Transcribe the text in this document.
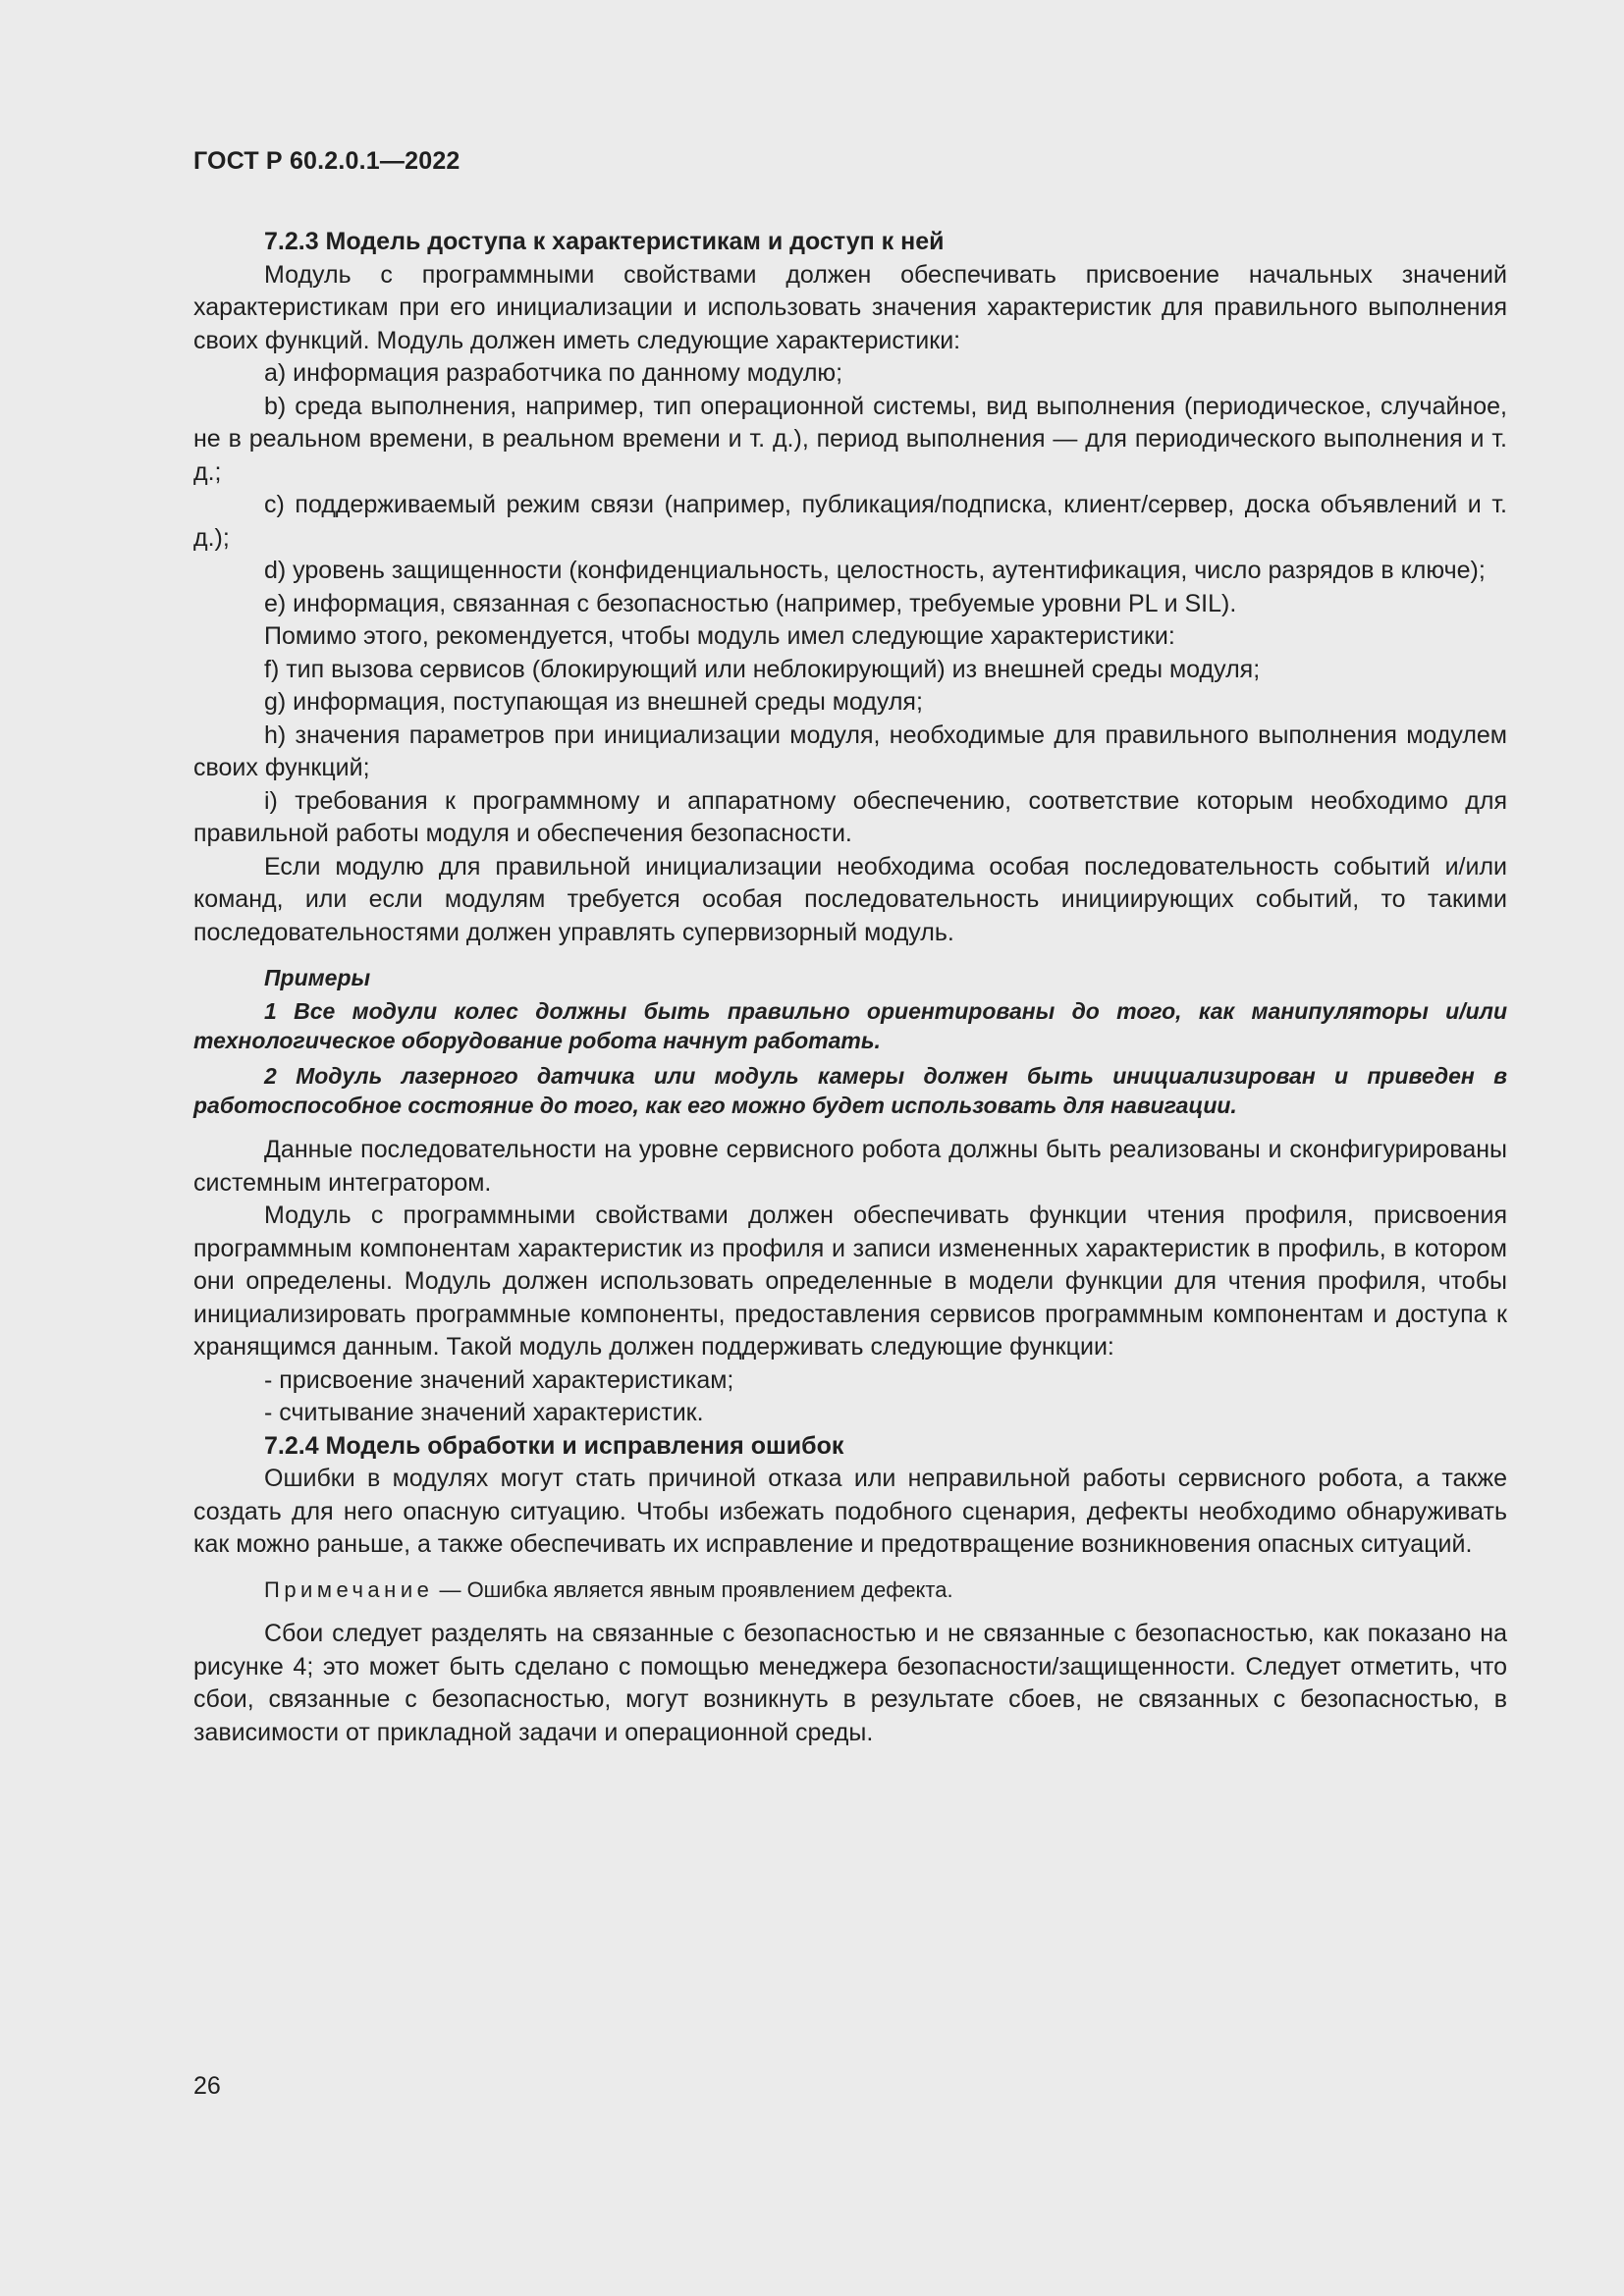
ГОСТ Р 60.2.0.1—2022
7.2.3 Модель доступа к характеристикам и доступ к ней

Модуль с программными свойствами должен обеспечивать присвоение начальных значений характеристикам при его инициализации и использовать значения характеристик для правильного выполнения своих функций. Модуль должен иметь следующие характеристики:

a) информация разработчика по данному модулю;

b) среда выполнения, например, тип операционной системы, вид выполнения (периодическое, случайное, не в реальном времени, в реальном времени и т. д.), период выполнения — для периодического выполнения и т. д.;

c) поддерживаемый режим связи (например, публикация/подписка, клиент/сервер, доска объявлений и т. д.);

d) уровень защищенности (конфиденциальность, целостность, аутентификация, число разрядов в ключе);

e) информация, связанная с безопасностью (например, требуемые уровни PL и SIL).

Помимо этого, рекомендуется, чтобы модуль имел следующие характеристики:

f) тип вызова сервисов (блокирующий или неблокирующий) из внешней среды модуля;

g) информация, поступающая из внешней среды модуля;

h) значения параметров при инициализации модуля, необходимые для правильного выполнения модулем своих функций;

i) требования к программному и аппаратному обеспечению, соответствие которым необходимо для правильной работы модуля и обеспечения безопасности.

Если модулю для правильной инициализации необходима особая последовательность событий и/или команд, или если модулям требуется особая последовательность инициирующих событий, то такими последовательностями должен управлять супервизорный модуль.

Примеры

1 Все модули колес должны быть правильно ориентированы до того, как манипуляторы и/или технологическое оборудование робота начнут работать.

2 Модуль лазерного датчика или модуль камеры должен быть инициализирован и приведен в работоспособное состояние до того, как его можно будет использовать для навигации.

Данные последовательности на уровне сервисного робота должны быть реализованы и сконфигурированы системным интегратором.

Модуль с программными свойствами должен обеспечивать функции чтения профиля, присвоения программным компонентам характеристик из профиля и записи измененных характеристик в профиль, в котором они определены. Модуль должен использовать определенные в модели функции для чтения профиля, чтобы инициализировать программные компоненты, предоставления сервисов программным компонентам и доступа к хранящимся данным. Такой модуль должен поддерживать следующие функции:

- присвоение значений характеристикам;

- считывание значений характеристик.

7.2.4 Модель обработки и исправления ошибок

Ошибки в модулях могут стать причиной отказа или неправильной работы сервисного робота, а также создать для него опасную ситуацию. Чтобы избежать подобного сценария, дефекты необходимо обнаруживать как можно раньше, а также обеспечивать их исправление и предотвращение возникновения опасных ситуаций.

Примечание — Ошибка является явным проявлением дефекта.

Сбои следует разделять на связанные с безопасностью и не связанные с безопасностью, как показано на рисунке 4; это может быть сделано с помощью менеджера безопасности/защищенности. Следует отметить, что сбои, связанные с безопасностью, могут возникнуть в результате сбоев, не связанных с безопасностью, в зависимости от прикладной задачи и операционной среды.

26
